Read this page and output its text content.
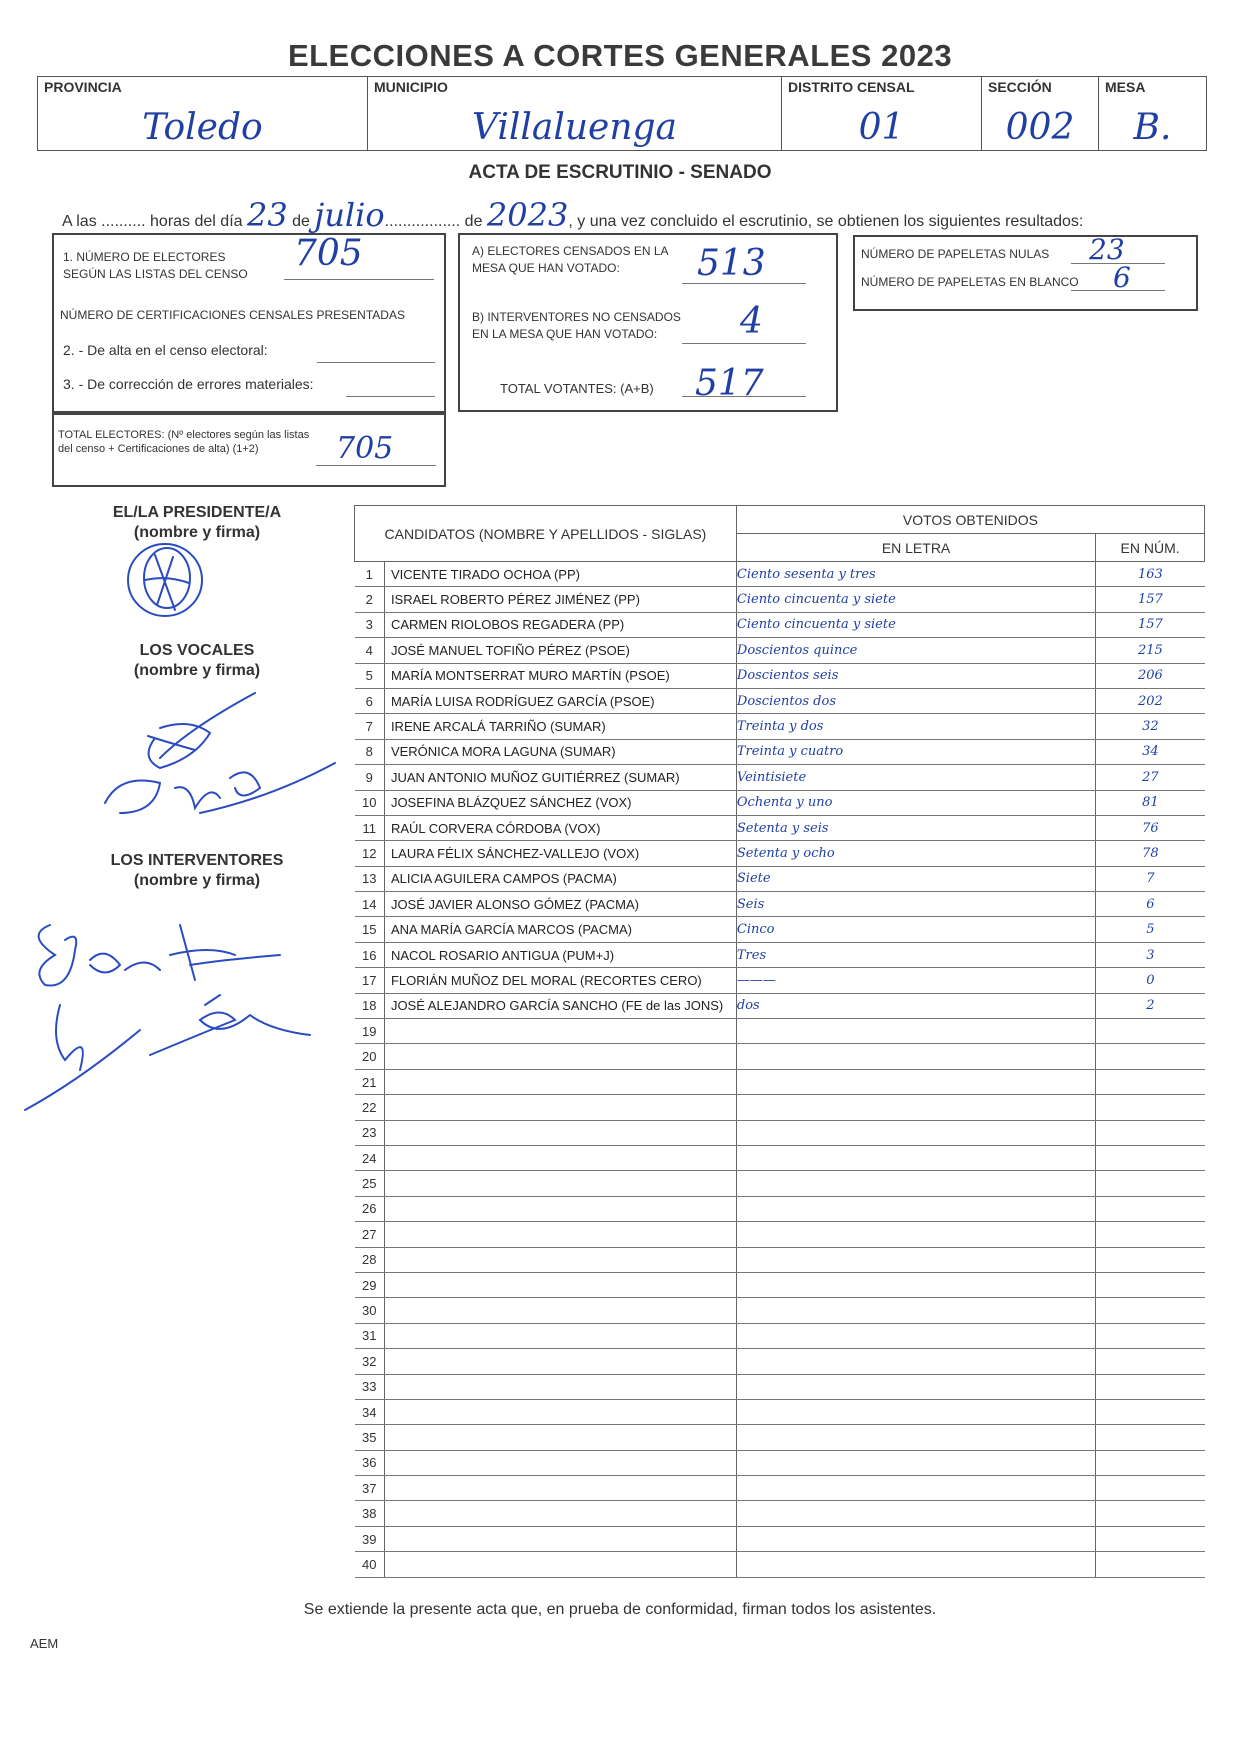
ELECCIONES A CORTES GENERALES 2023
PROVINCIA
Toledo
MUNICIPIO
Villaluenga
DISTRITO CENSAL
01
SECCIÓN
002
MESA
B.
ACTA DE ESCRUTINIO - SENADO
A las .......... horas del día 23 de julio................. de 2023, y una vez concluido el escrutinio, se obtienen los siguientes resultados:
1. NÚMERO DE ELECTORES
SEGÚN LAS LISTAS DEL CENSO 705
NÚMERO DE CERTIFICACIONES CENSALES PRESENTADAS
2. - De alta en el censo electoral:
3. - De corrección de errores materiales:
TOTAL ELECTORES: (Nº electores según las listas
del censo + Certificaciones de alta) (1+2)	705
A) ELECTORES CENSADOS EN LA
MESA QUE HAN VOTADO:	513
B) INTERVENTORES NO CENSADOS
EN LA MESA QUE HAN VOTADO:	4
TOTAL VOTANTES: (A+B) 517
NÚMERO DE PAPELETAS NULAS 23
NÚMERO DE PAPELETAS EN BLANCO 6
EL/LA PRESIDENTE/A
(nombre y firma)
LOS VOCALES
(nombre y firma)
LOS INTERVENTORES
(nombre y firma)
CANDIDATOS (NOMBRE Y APELLIDOS - SIGLAS)		VOTOS OBTENIDOS	
		EN LETRA	EN NÚM.
1	VICENTE TIRADO OCHOA (PP)	Ciento sesenta y tres	163
2	ISRAEL ROBERTO PÉREZ JIMÉNEZ (PP)	Ciento cincuenta y siete	157
3	CARMEN RIOLOBOS REGADERA (PP)	Ciento cincuenta y siete	157
4	JOSÉ MANUEL TOFIÑO PÉREZ (PSOE)	Doscientos quince	215
5	MARÍA MONTSERRAT MURO MARTÍN (PSOE)	Doscientos seis	206
6	MARÍA LUISA RODRÍGUEZ GARCÍA (PSOE)	Doscientos dos	202
7	IRENE ARCALÁ TARRIÑO (SUMAR)	Treinta y dos	32
8	VERÓNICA MORA LAGUNA (SUMAR)	Treinta y cuatro	34
9	JUAN ANTONIO MUÑOZ GUITIÉRREZ (SUMAR)	Veintisiete	27
10	JOSEFINA BLÁZQUEZ SÁNCHEZ (VOX)	Ochenta y uno	81
11	RAÚL CORVERA CÓRDOBA (VOX)	Setenta y seis	76
12	LAURA FÉLIX SÁNCHEZ-VALLEJO (VOX)	Setenta y ocho	78
13	ALICIA AGUILERA CAMPOS (PACMA)	Siete	7
14	JOSÉ JAVIER ALONSO GÓMEZ (PACMA)	Seis	6
15	ANA MARÍA GARCÍA MARCOS (PACMA)	Cinco	5
16	NACOL ROSARIO ANTIGUA (PUM+J)	Tres	3
17	FLORIÁN MUÑOZ DEL MORAL (RECORTES CERO)	———	0
18	JOSÉ ALEJANDRO GARCÍA SANCHO (FE de las JONS)	dos	2
19			
20			
21			
22			
23			
24			
25			
26			
27			
28			
29			
30			
31			
32			
33			
34			
35			
36			
37			
38			
39			
40			
Se extiende la presente acta que, en prueba de conformidad, firman todos los asistentes.
AEM
